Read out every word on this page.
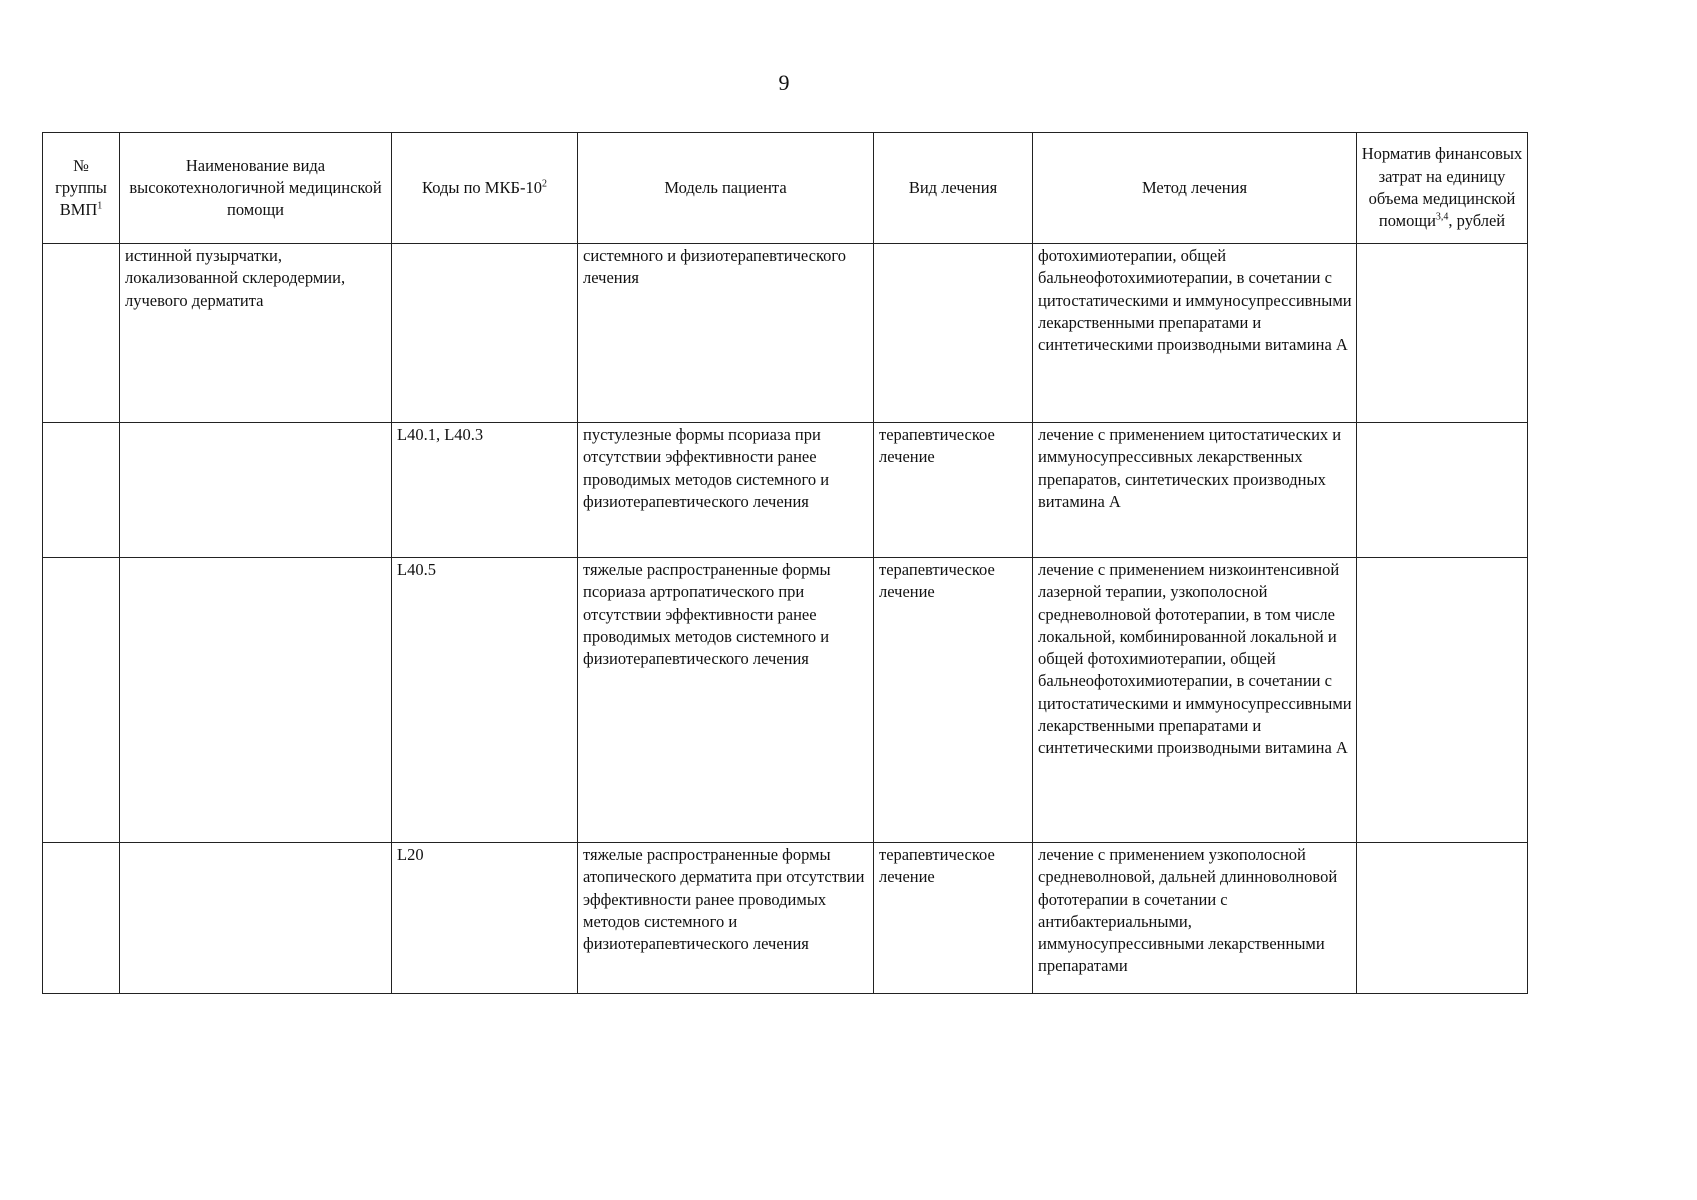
9
№ группы ВМП$^1$	Наименование вида высокотехнологичной медицинской помощи	Коды по МКБ-$10^2$	Модель пациента	Вид лечения	Метод лечения	Норматив финансовых затрат на единицу объема медицинской помощи$^{3,4}$, рублей
	истинной пузырчатки, локализованной склеродермии, лучевого дерматита		системного и физиотерапевтического лечения		фотохимиотерапии, общей бальнеофотохимиотерапии, в сочетании с цитостатическими и иммуносупрессивными лекарственными препаратами и синтетическими производными витамина А	
		L40.1, L40.3	пустулезные формы псориаза при отсутствии эффективности ранее проводимых методов системного и физиотерапевтического лечения	терапевтическое лечение	лечение с применением цитостатических и иммуносупрессивных лекарственных препаратов, синтетических производных витамина А	
		L40.5	тяжелые распространенные формы псориаза артропатического при отсутствии эффективности ранее проводимых методов системного и физиотерапевтического лечения	терапевтическое лечение	лечение с применением низкоинтенсивной лазерной терапии, узкополосной средневолновой фототерапии, в том числе локальной, комбинированной локальной и общей фотохимиотерапии, общей бальнеофотохимиотерапии, в сочетании с цитостатическими и иммуносупрессивными лекарственными препаратами и синтетическими производными витамина А	
		L20	тяжелые распространенные формы атопического дерматита при отсутствии эффективности ранее проводимых методов системного и физиотерапевтического лечения	терапевтическое лечение	лечение с применением узкополосной средневолновой, дальней длинноволновой фототерапии в сочетании с антибактериальными, иммуносупрессивными лекарственными препаратами	
